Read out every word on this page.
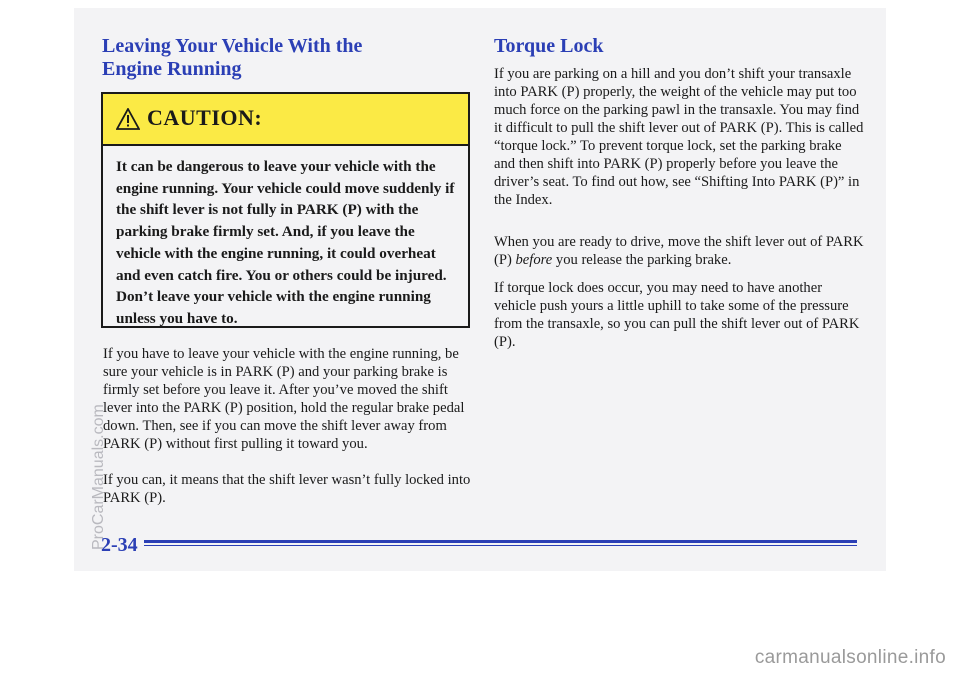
Leaving Your Vehicle With the Engine Running
CAUTION:

It can be dangerous to leave your vehicle with the engine running. Your vehicle could move suddenly if the shift lever is not fully in PARK (P) with the parking brake firmly set. And, if you leave the vehicle with the engine running, it could overheat and even catch fire. You or others could be injured. Don’t leave your vehicle with the engine running unless you have to.

If you have to leave your vehicle with the engine running, be sure your vehicle is in PARK (P) and your parking brake is firmly set before you leave it. After you’ve moved the shift lever into the PARK (P) position, hold the regular brake pedal down. Then, see if you can move the shift lever away from PARK (P) without first pulling it toward you.

If you can, it means that the shift lever wasn’t fully locked into PARK (P).

Torque Lock

If you are parking on a hill and you don’t shift your transaxle into PARK (P) properly, the weight of the vehicle may put too much force on the parking pawl in the transaxle. You may find it difficult to pull the shift lever out of PARK (P). This is called “torque lock.” To prevent torque lock, set the parking brake and then shift into PARK (P) properly before you leave the driver’s seat. To find out how, see “Shifting Into PARK (P)” in the Index.

When you are ready to drive, move the shift lever out of PARK (P) before you release the parking brake.

If torque lock does occur, you may need to have another vehicle push yours a little uphill to take some of the pressure from the transaxle, so you can pull the shift lever out of PARK (P).

2-34
ProCarManuals.com
carmanualsonline.info
